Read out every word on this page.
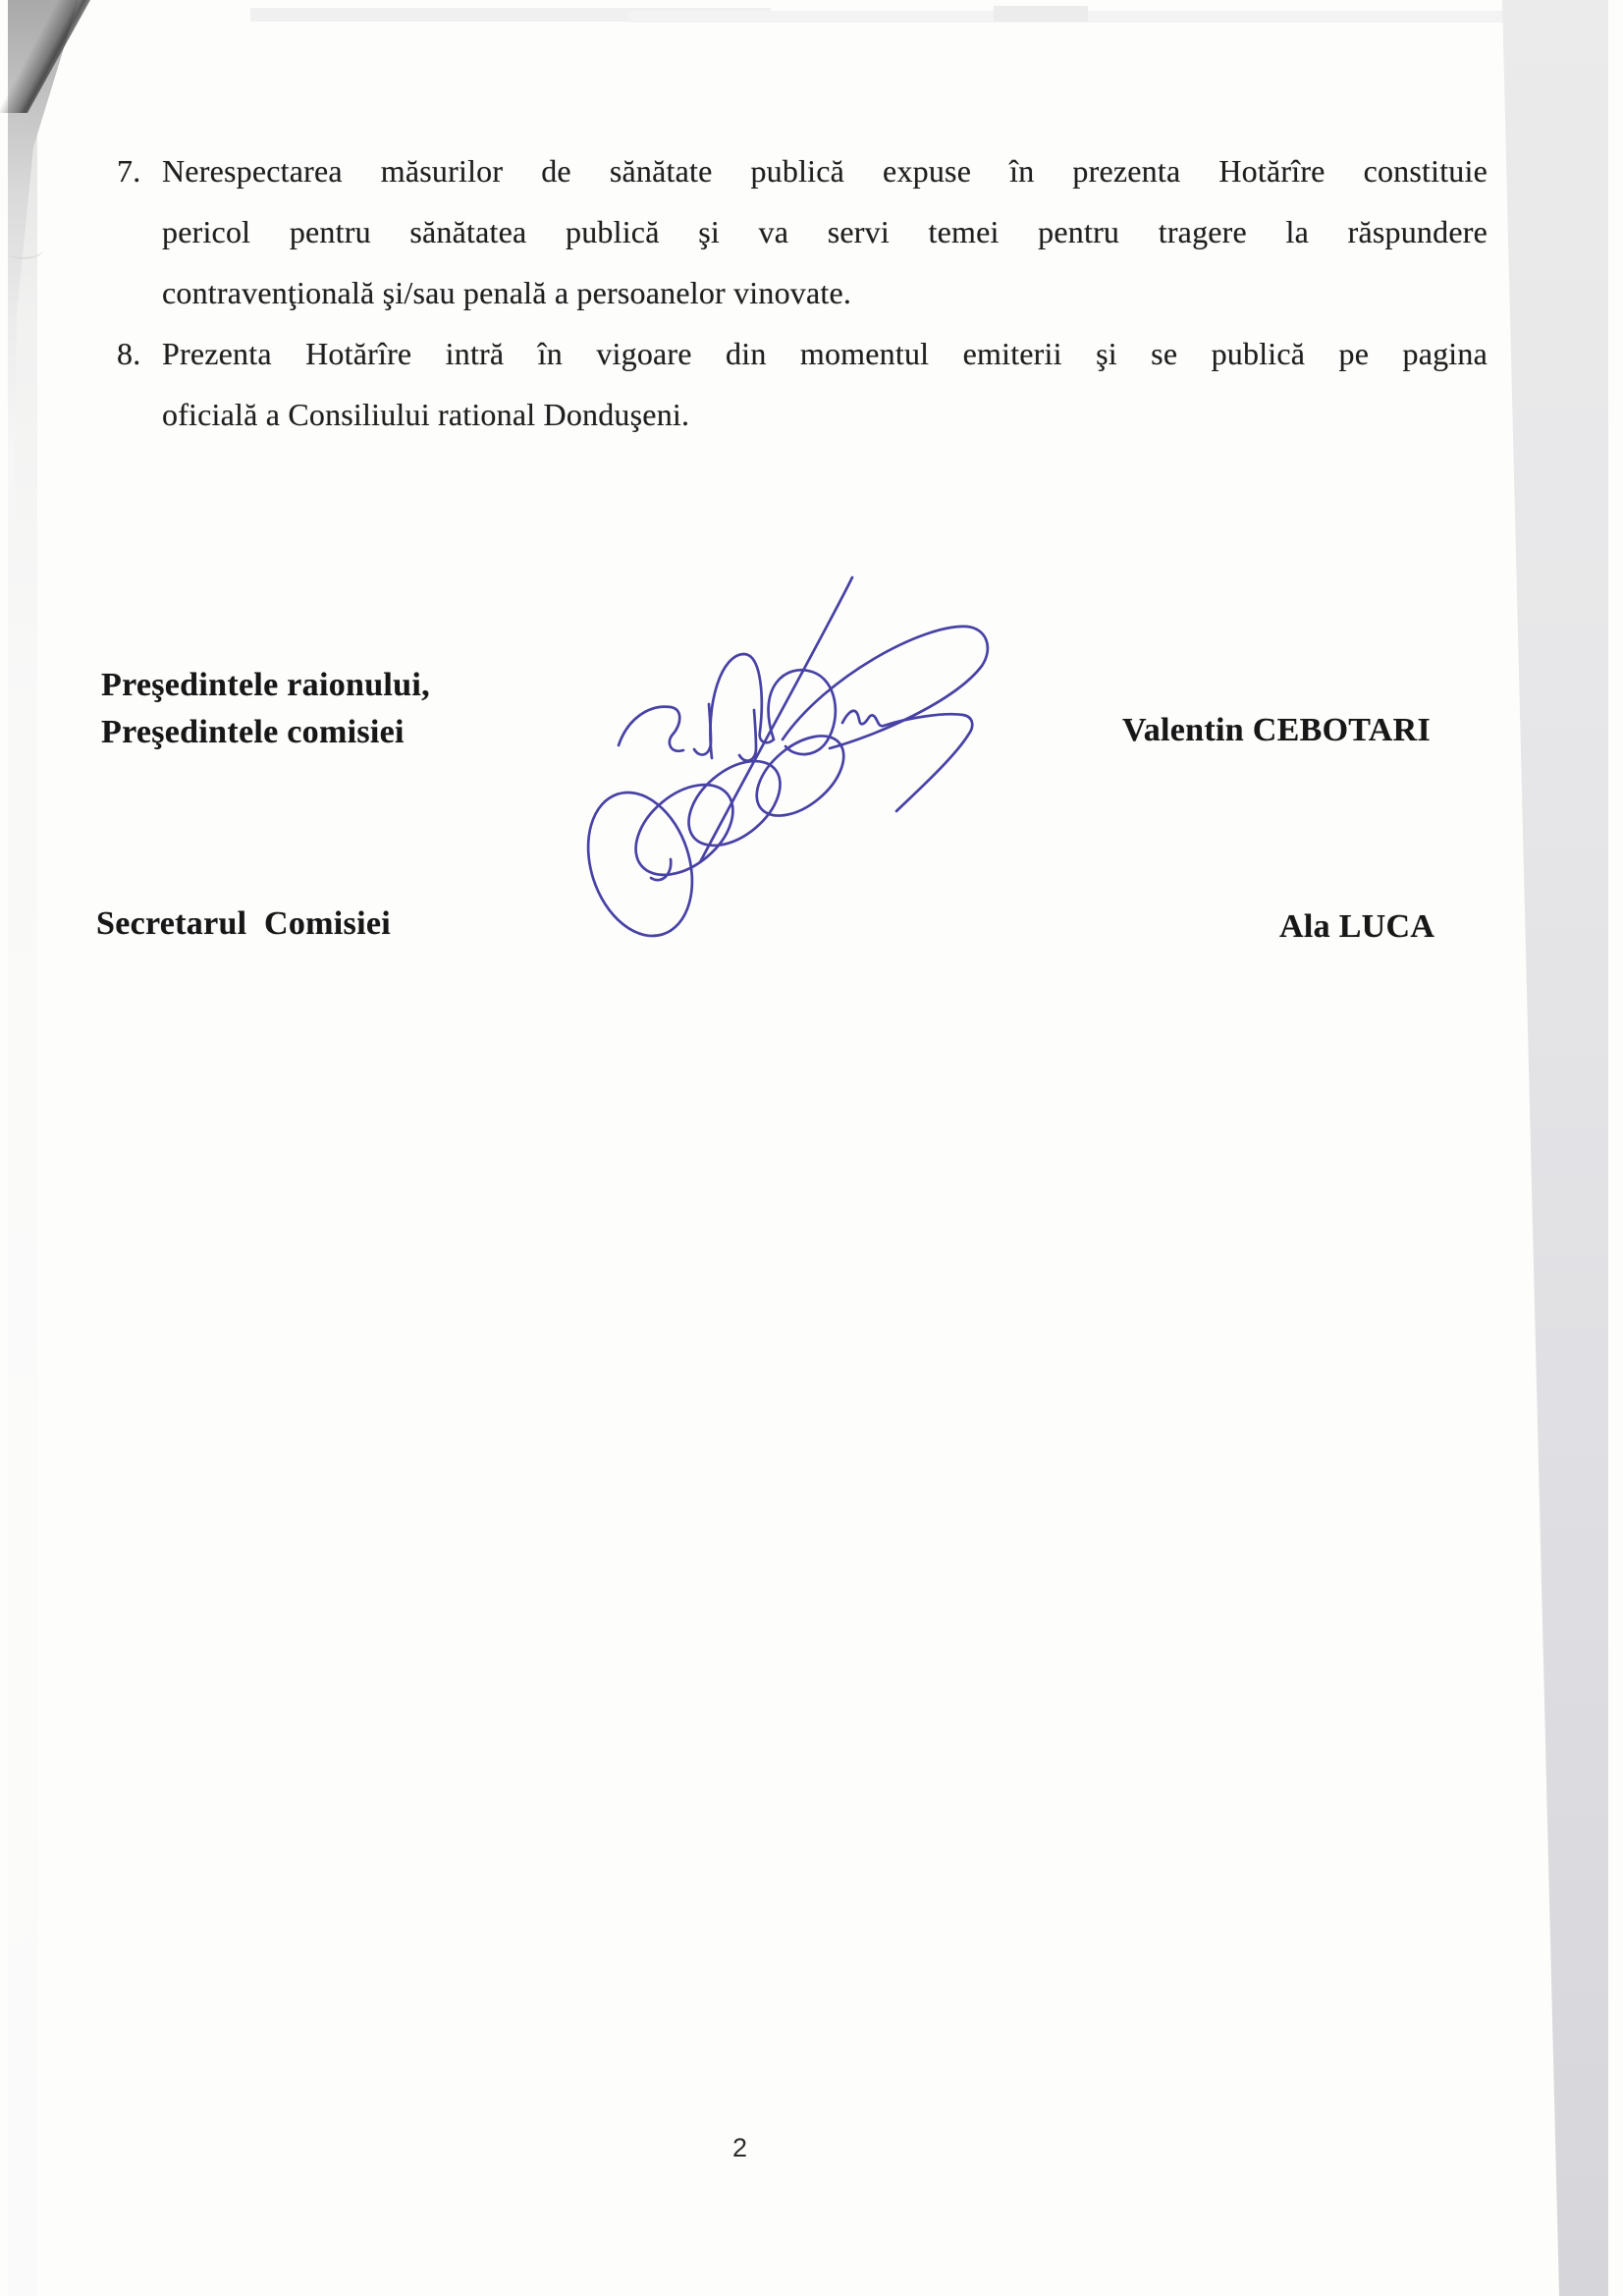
7. Nerespectarea măsurilor de sănătate publică expuse în prezenta Hotărîre constituie
pericol pentru sănătatea publică şi va servi temei pentru tragere la răspundere
contravenţională şi/sau penală a persoanelor vinovate.
8. Prezenta Hotărîre intră în vigoare din momentul emiterii şi se publică pe pagina
oficială a Consiliului rational Donduşeni.
Preşedintele raionului,
Preşedintele comisiei	Valentin CEBOTARI
Secretarul  Comisiei	Ala LUCA
2
